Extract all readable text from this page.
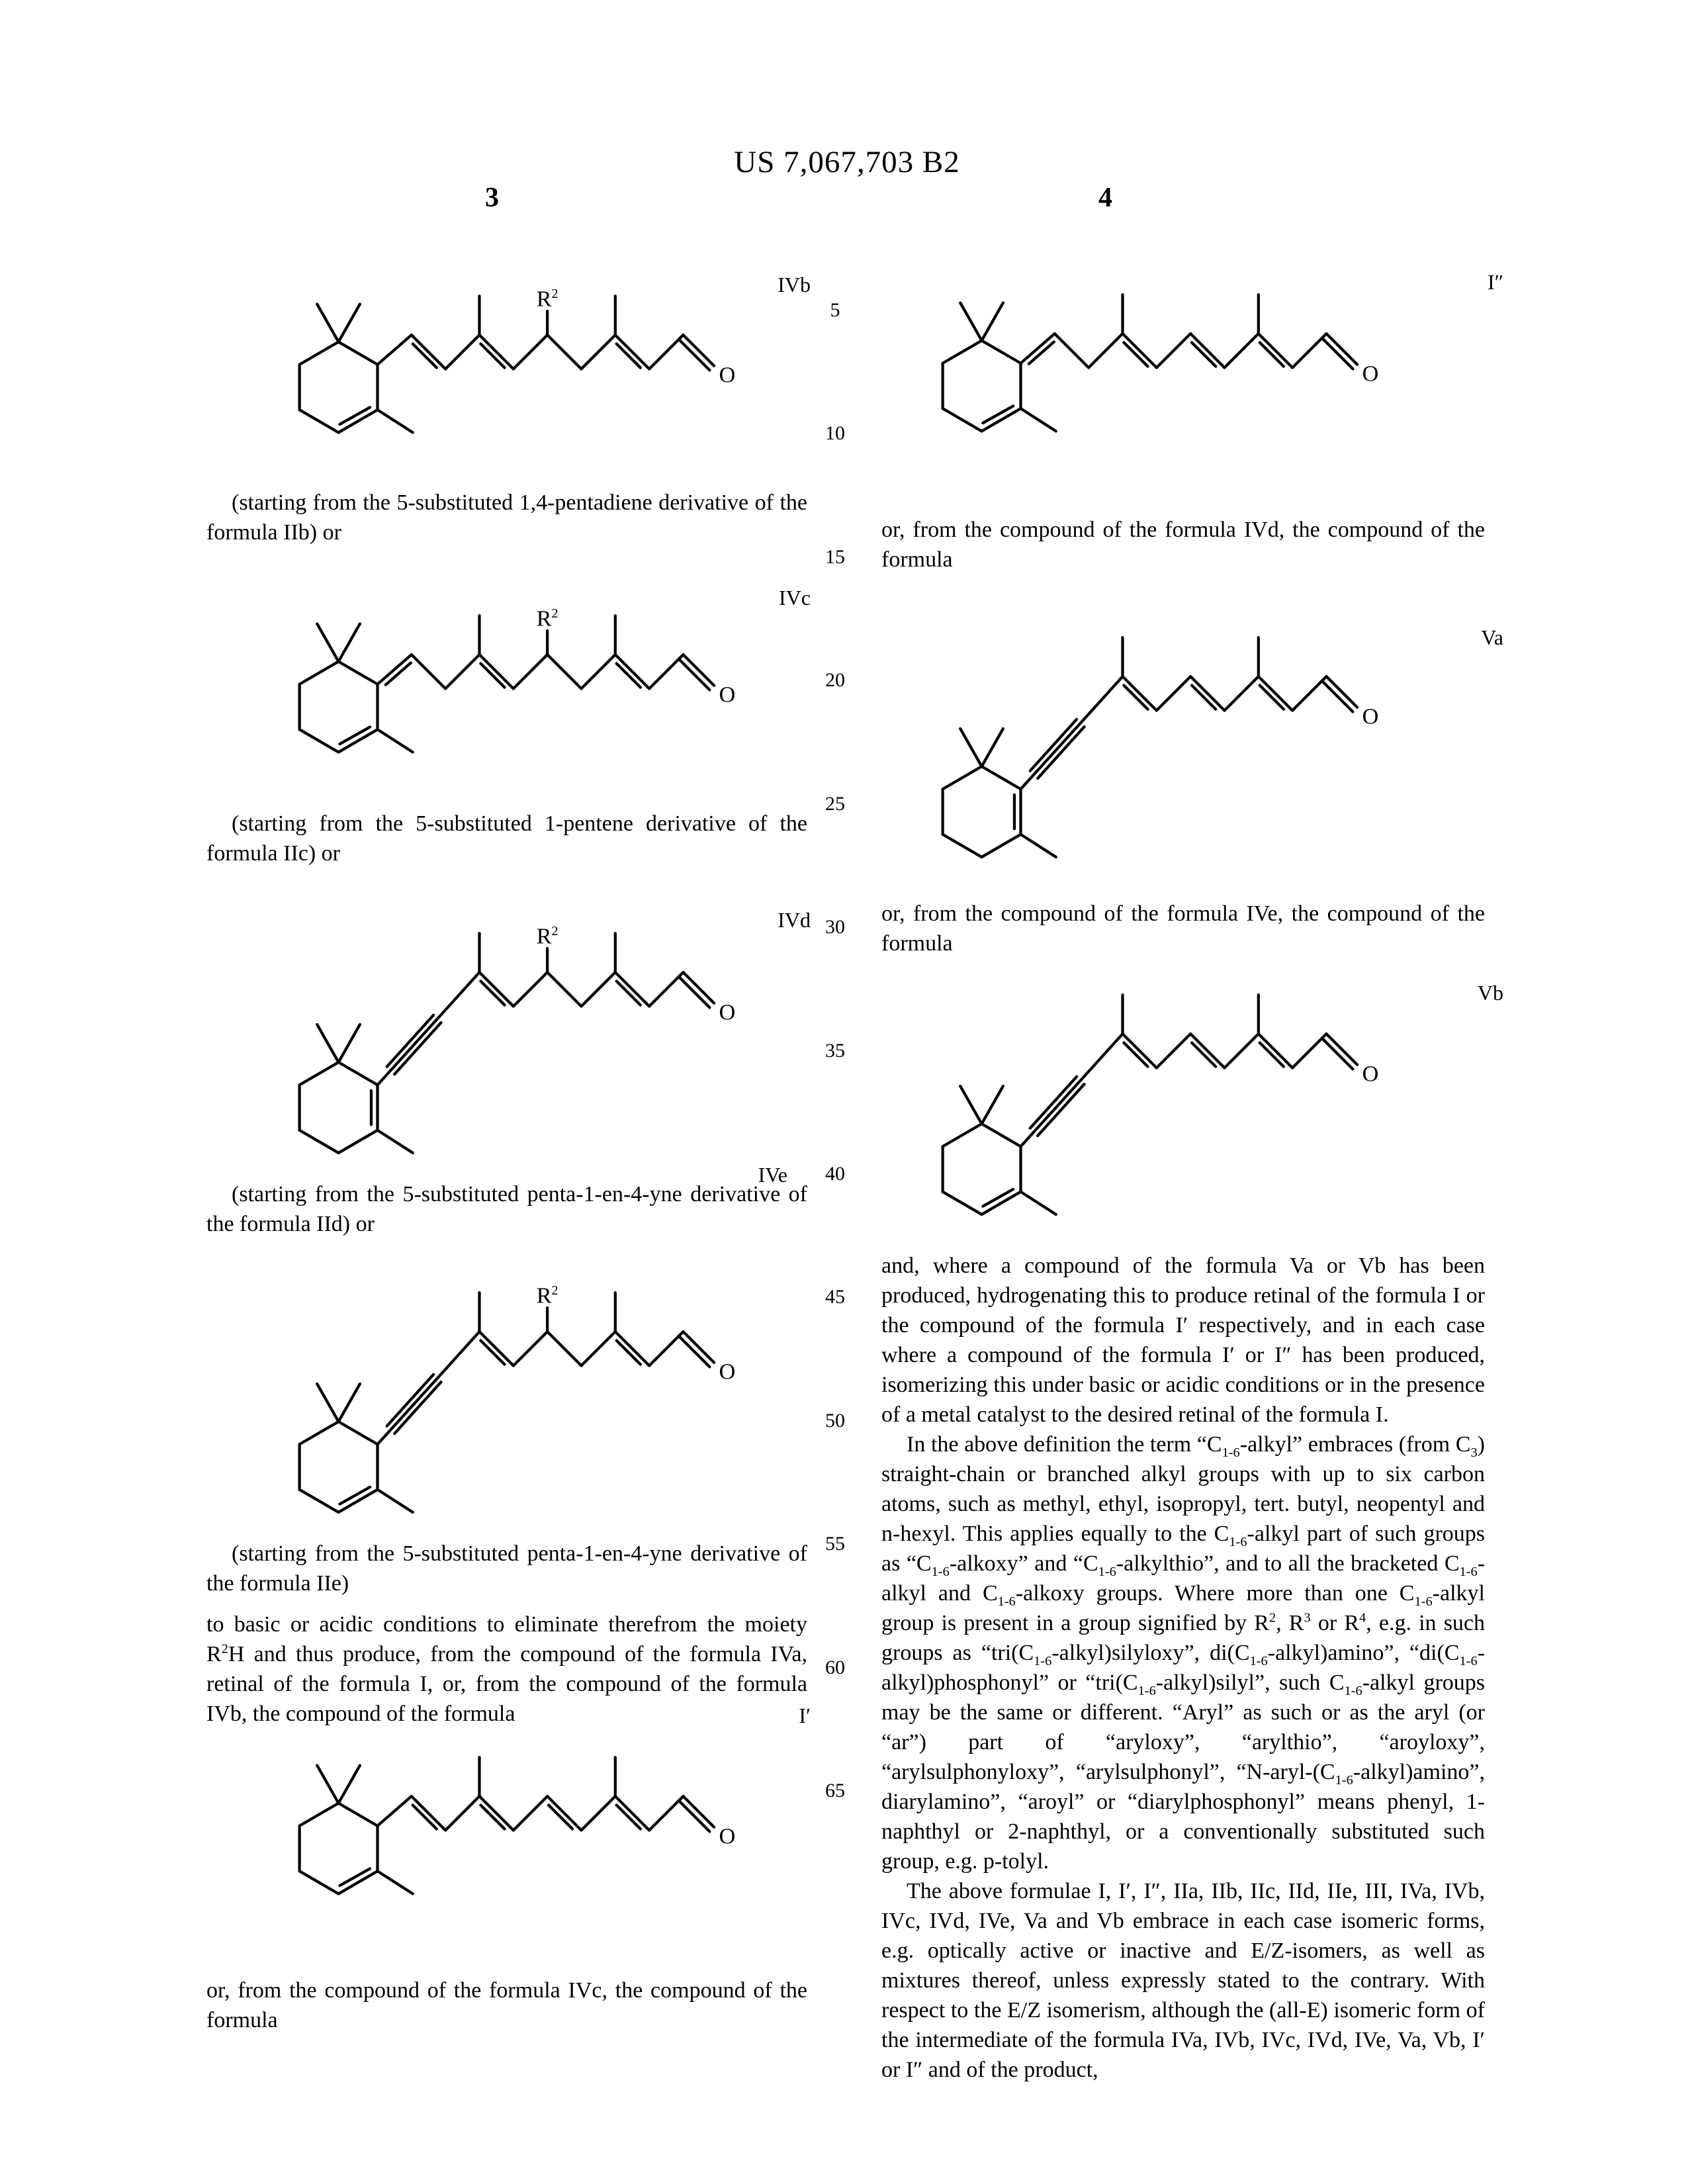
US 7,067,703 B2
3	4
5
10
15
20
25
30
35
40
45
50
55
60
65
IVb
IVc
IVd
IVe
I′
I″
Va
Vb
$R^2$
O
(starting from the 5-substituted 1,4-pentadiene derivative of the formula IIb) or
$R^2$
O
(starting from the 5-substituted 1-pentene derivative of the formula IIc) or
$R^2$
O
(starting from the 5-substituted penta-1-en-4-yne derivative of the formula IId) or
$R^2$
O
(starting from the 5-substituted penta-1-en-4-yne derivative of the formula IIe)
to basic or acidic conditions to eliminate therefrom the moiety $R^2H$ and thus produce, from the compound of the formula IVa, retinal of the formula I, or, from the compound of the formula IVb, the compound of the formula
O
or, from the compound of the formula IVc, the compound of the formula
O
or, from the compound of the formula IVd, the compound of the formula
O
or, from the compound of the formula IVe, the compound of the formula
O
and, where a compound of the formula Va or Vb has been produced, hydrogenating this to produce retinal of the formula I or the compound of the formula I′ respectively, and in each case where a compound of the formula I′ or I″ has been produced, isomerizing this under basic or acidic conditions or in the presence of a metal catalyst to the desired retinal of the formula I.
In the above definition the term “$C_{1-6}$-alkyl” embraces (from $C_3$) straight-chain or branched alkyl groups with up to six carbon atoms, such as methyl, ethyl, isopropyl, tert. butyl, neopentyl and n-hexyl. This applies equally to the $C_{1-6}$-alkyl part of such groups as “$C_{1-6}$-alkoxy” and “$C_{1-6}$-alkylthio”, and to all the bracketed $C_{1-6}$-alkyl and $C_{1-6}$-alkoxy groups. Where more than one $C_{1-6}$-alkyl group is present in a group signified by $R^2$, $R^3$ or $R^4$, e.g. in such groups as “$tri(C_{1-6}-alkyl)silyloxy$”, $di(C_{1-6}-alkyl)amino$”, “$di(C_{1-6}-alkyl)phosphonyl$” or “$tri(C_{1-6}-alkyl)silyl$”, such $C_{1-6}$-alkyl groups may be the same or different. “Aryl” as such or as the aryl (or “ar”) part of “aryloxy”, “arylthio”, “aroyloxy”, “arylsulphonyloxy”, “arylsulphonyl”, “$N-aryl-(C_{1-6}-alkyl)amino$”, diarylamino”, “aroyl” or “diarylphosphonyl” means phenyl, 1-naphthyl or 2-naphthyl, or a conventionally substituted such group, e.g. p-tolyl.
The above formulae I, I′, I″, IIa, IIb, IIc, IId, IIe, III, IVa, IVb, IVc, IVd, IVe, Va and Vb embrace in each case isomeric forms, e.g. optically active or inactive and E/Z-isomers, as well as mixtures thereof, unless expressly stated to the contrary. With respect to the E/Z isomerism, although the (all-E) isomeric form of the intermediate of the formula IVa, IVb, IVc, IVd, IVe, Va, Vb, I′ or I″ and of the product,
